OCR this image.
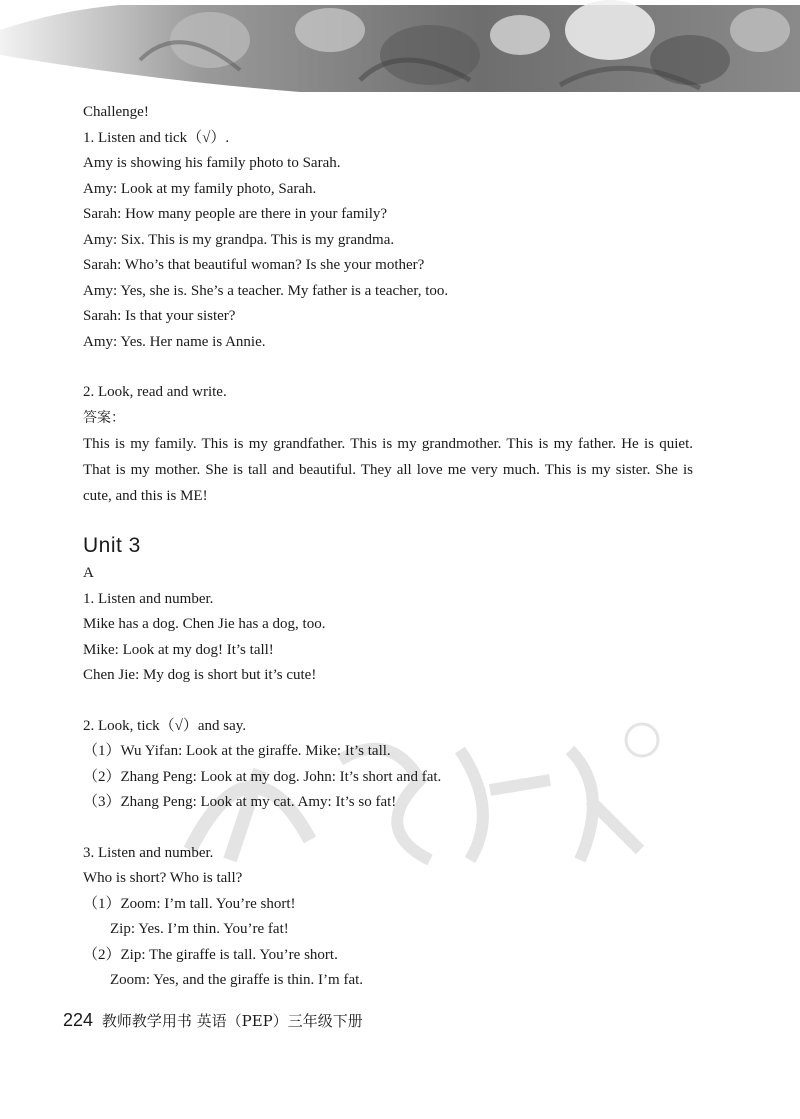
Challenge!
1. Listen and tick（√）.
Amy is showing his family photo to Sarah.
Amy: Look at my family photo, Sarah.
Sarah: How many people are there in your family?
Amy: Six. This is my grandpa. This is my grandma.
Sarah: Who’s that beautiful woman? Is she your mother?
Amy: Yes, she is. She’s a teacher. My father is a teacher, too.
Sarah: Is that your sister?
Amy: Yes. Her name is Annie.
2. Look, read and write.
答案：
This is my family. This is my grandfather. This is my grandmother. This is my father. He is quiet. That is my mother. She is tall and beautiful. They all love me very much. This is my sister. She is cute, and this is ME!
Unit 3
A
1. Listen and number.
Mike has a dog. Chen Jie has a dog, too.
Mike: Look at my dog! It’s tall!
Chen Jie: My dog is short but it’s cute!
2. Look, tick（√）and say.
（1）Wu Yifan: Look at the giraffe. Mike: It’s tall.
（2）Zhang Peng: Look at my dog. John: It’s short and fat.
（3）Zhang Peng: Look at my cat. Amy: It’s so fat!
3. Listen and number.
Who is short? Who is tall?
（1）Zoom: I’m tall. You’re short!
Zip: Yes. I’m thin. You’re fat!
（2）Zip: The giraffe is tall. You’re short.
Zoom: Yes, and the giraffe is thin. I’m fat.
224 教师教学用书 英语（PEP）三年级下册
